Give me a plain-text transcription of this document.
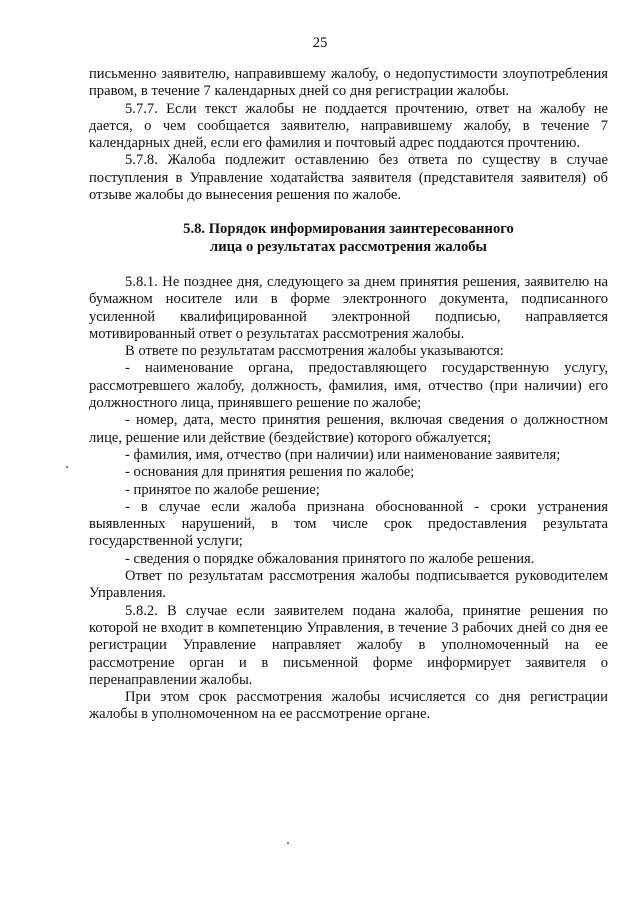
25

письменно заявителю, направившему жалобу, о недопустимости злоупотребления правом, в течение 7 календарных дней со дня регистрации жалобы.

5.7.7. Если текст жалобы не поддается прочтению, ответ на жалобу не дается, о чем сообщается заявителю, направившему жалобу, в течение 7 календарных дней, если его фамилия и почтовый адрес поддаются прочтению.

5.7.8. Жалоба подлежит оставлению без ответа по существу в случае поступления в Управление ходатайства заявителя (представителя заявителя) об отзыве жалобы до вынесения решения по жалобе.

5.8. Порядок информирования заинтересованного
лица о результатах рассмотрения жалобы

5.8.1. Не позднее дня, следующего за днем принятия решения, заявителю на бумажном носителе или в форме электронного документа, подписанного усиленной квалифицированной электронной подписью, направляется мотивированный ответ о результатах рассмотрения жалобы.

В ответе по результатам рассмотрения жалобы указываются:

- наименование органа, предоставляющего государственную услугу, рассмотревшего жалобу, должность, фамилия, имя, отчество (при наличии) его должностного лица, принявшего решение по жалобе;

- номер, дата, место принятия решения, включая сведения о должностном лице, решение или действие (бездействие) которого обжалуется;

- фамилия, имя, отчество (при наличии) или наименование заявителя;

- основания для принятия решения по жалобе;

- принятое по жалобе решение;

- в случае если жалоба признана обоснованной - сроки устранения выявленных нарушений, в том числе срок предоставления результата государственной услуги;

- сведения о порядке обжалования принятого по жалобе решения.

Ответ по результатам рассмотрения жалобы подписывается руководителем Управления.

5.8.2. В случае если заявителем подана жалоба, принятие решения по которой не входит в компетенцию Управления, в течение 3 рабочих дней со дня ее регистрации Управление направляет жалобу в уполномоченный на ее рассмотрение орган и в письменной форме информирует заявителя о перенаправлении жалобы.

При этом срок рассмотрения жалобы исчисляется со дня регистрации жалобы в уполномоченном на ее рассмотрение органе.
